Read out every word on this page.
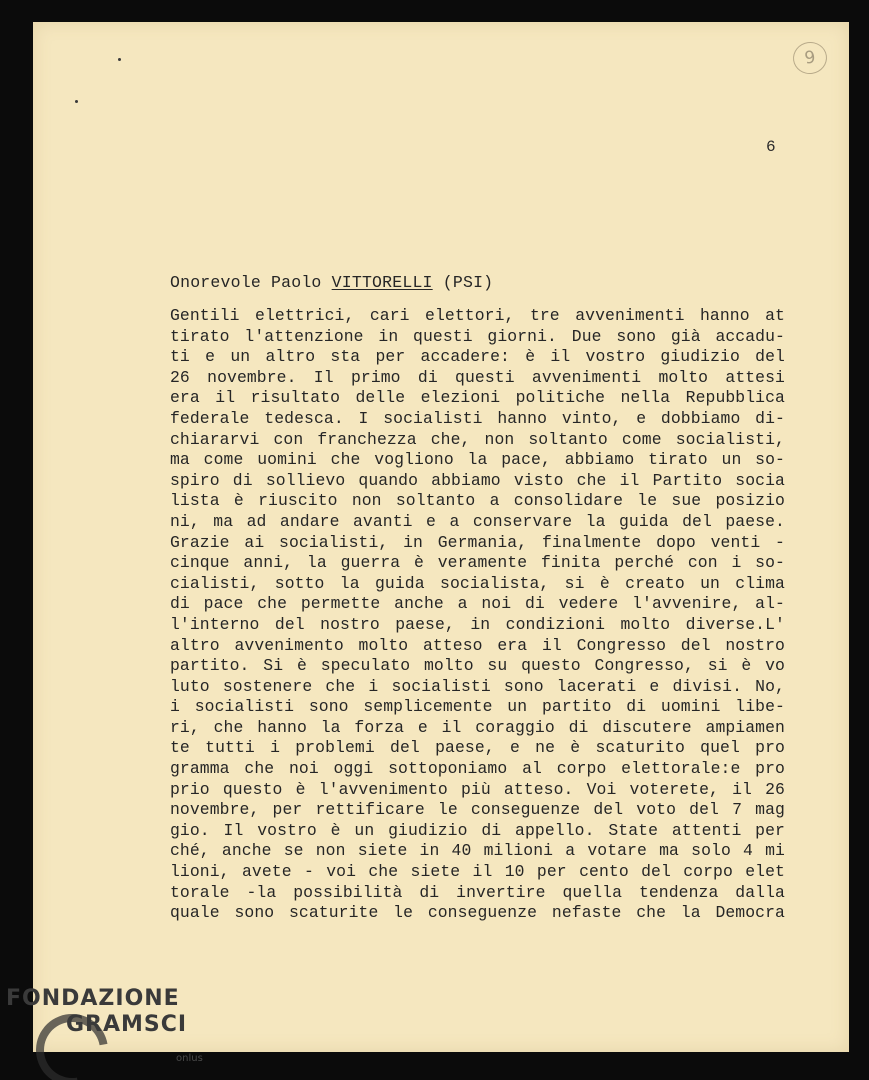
9
6
Onorevole Paolo VITTORELLI (PSI)
Gentili elettrici, cari elettori, tre avvenimenti hanno at
tirato l'attenzione in questi giorni. Due sono già accadu-
ti e un altro sta per accadere: è il vostro giudizio del
26 novembre. Il primo di questi avvenimenti molto attesi
era il risultato delle elezioni politiche nella Repubblica
federale tedesca. I socialisti hanno vinto, e dobbiamo di-
chiararvi con franchezza che, non soltanto come socialisti,
ma come uomini che vogliono la pace, abbiamo tirato un so-
spiro di sollievo quando abbiamo visto che il Partito socia
lista è riuscito non soltanto a consolidare le sue posizio
ni, ma ad andare avanti e a conservare la guida del paese.
Grazie ai socialisti, in Germania, finalmente dopo venti -
cinque anni, la guerra è veramente finita perché con i so-
cialisti, sotto la guida socialista, si è creato un clima
di pace che permette anche a noi di vedere l'avvenire, al-
l'interno del nostro paese, in condizioni molto diverse.L'
altro avvenimento molto atteso era il Congresso del nostro
partito. Si è speculato molto su questo Congresso, si è vo
luto sostenere che i socialisti sono lacerati e divisi. No,
i socialisti sono semplicemente un partito di uomini libe-
ri, che hanno la forza e il coraggio di discutere ampiamen
te tutti i problemi del paese, e ne è scaturito quel pro
gramma che noi oggi sottoponiamo al corpo elettorale:e pro
prio questo è l'avvenimento più atteso. Voi voterete, il 26
novembre, per rettificare le conseguenze del voto del 7 mag
gio. Il vostro è un giudizio di appello. State attenti per
ché, anche se non siete in 40 milioni a votare ma solo 4 mi
lioni, avete - voi che siete il 10 per cento del corpo elet
torale -la possibilità di invertire quella tendenza dalla
quale sono scaturite le conseguenze nefaste che la Democra
FONDAZIONE
GRAMSCI
onlus
